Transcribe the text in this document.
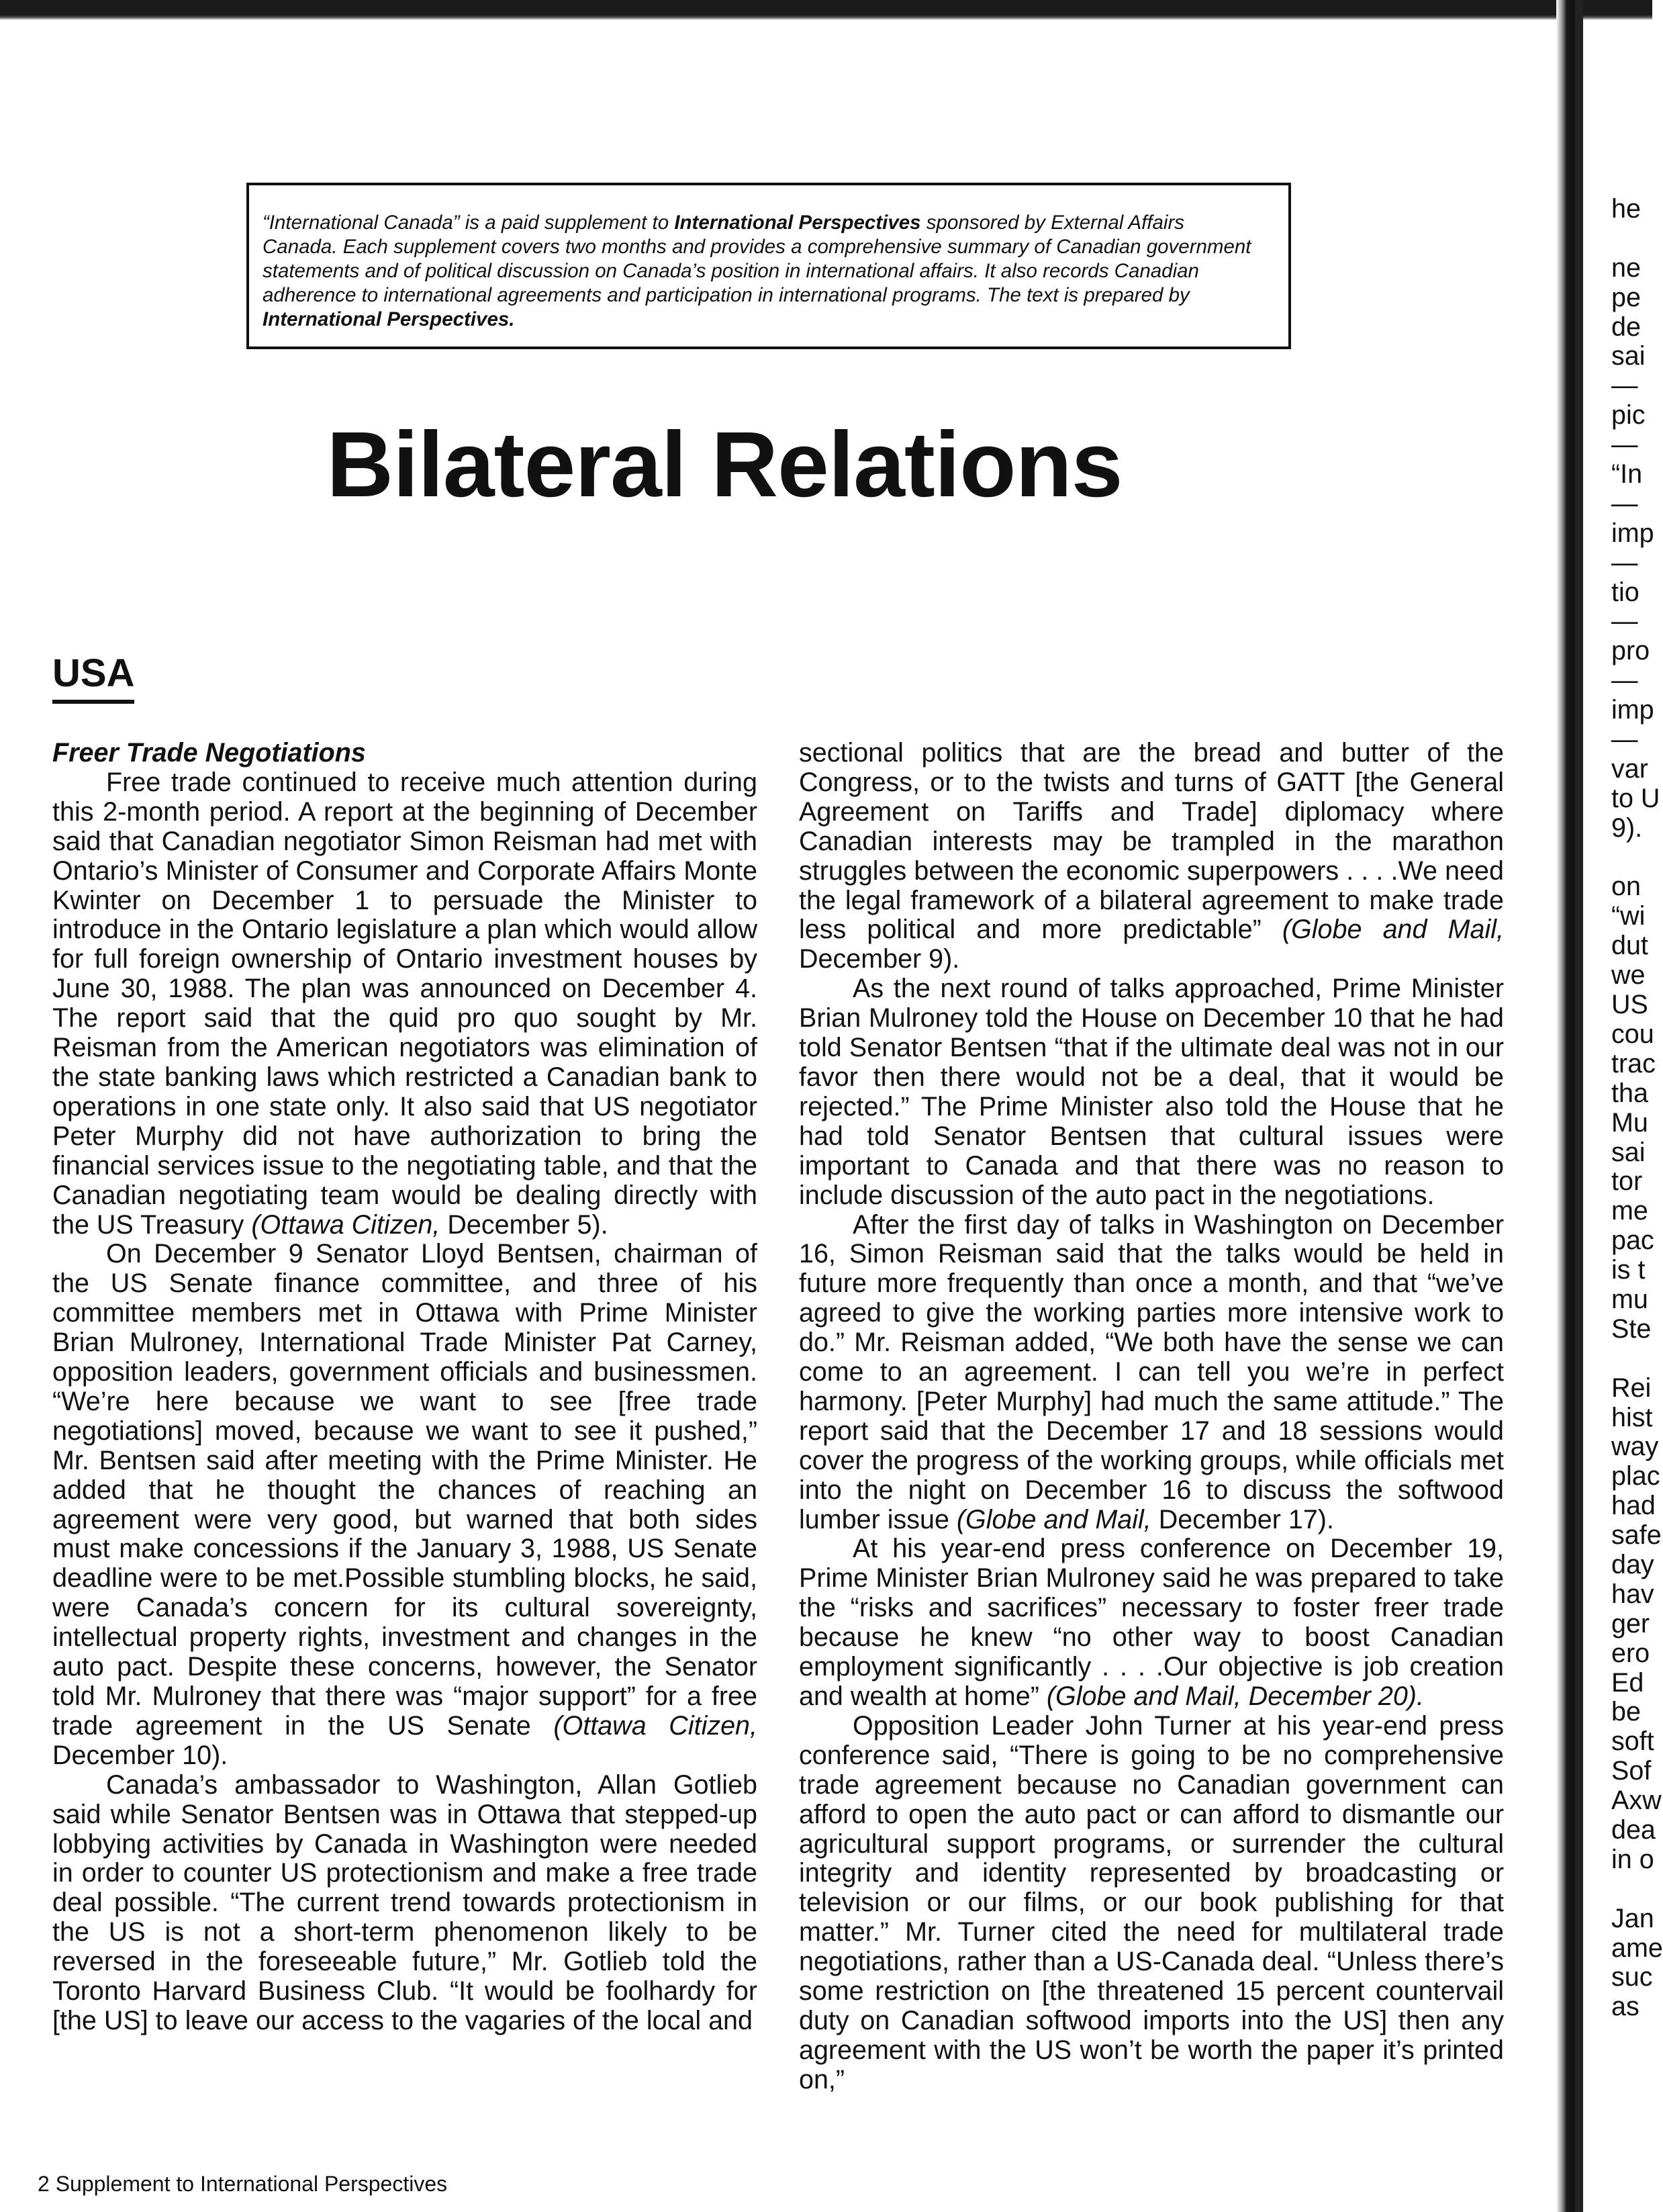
“International Canada” is a paid supplement to International Perspectives sponsored by External Affairs Canada. Each supplement covers two months and provides a comprehensive summary of Canadian government statements and of political discussion on Canada’s position in international affairs. It also records Canadian adherence to international agreements and participation in international programs. The text is prepared by International Perspectives.
Bilateral Relations
USA

Freer Trade Negotiations

Free trade continued to receive much attention during this 2-month period. A report at the beginning of December said that Canadian negotiator Simon Reisman had met with Ontario’s Minister of Consumer and Corporate Affairs Monte Kwinter on December 1 to persuade the Minister to introduce in the Ontario legislature a plan which would allow for full foreign ownership of Ontario investment houses by June 30, 1988. The plan was announced on December 4. The report said that the quid pro quo sought by Mr. Reisman from the American negotiators was elimination of the state banking laws which restricted a Canadian bank to operations in one state only. It also said that US negotiator Peter Murphy did not have authorization to bring the financial services issue to the negotiating table, and that the Canadian negotiating team would be dealing directly with the US Treasury (Ottawa Citizen, December 5).

On December 9 Senator Lloyd Bentsen, chairman of the US Senate finance committee, and three of his committee members met in Ottawa with Prime Minister Brian Mulroney, International Trade Minister Pat Carney, opposition leaders, government officials and businessmen. “We’re here because we want to see [free trade negotiations] moved, because we want to see it pushed,” Mr. Bentsen said after meeting with the Prime Minister. He added that he thought the chances of reaching an agreement were very good, but warned that both sides must make concessions if the January 3, 1988, US Senate deadline were to be met.Possible stumbling blocks, he said, were Canada’s concern for its cultural sovereignty, intellectual property rights, investment and changes in the auto pact. Despite these concerns, however, the Senator told Mr. Mulroney that there was “major support” for a free trade agreement in the US Senate (Ottawa Citizen, December 10).

Canada’s ambassador to Washington, Allan Gotlieb said while Senator Bentsen was in Ottawa that stepped-up lobbying activities by Canada in Washington were needed in order to counter US protectionism and make a free trade deal possible. “The current trend towards protectionism in the US is not a short-term phenomenon likely to be reversed in the foreseeable future,” Mr. Gotlieb told the Toronto Harvard Business Club. “It would be foolhardy for [the US] to leave our access to the vagaries of the local and

sectional politics that are the bread and butter of the Congress, or to the twists and turns of GATT [the General Agreement on Tariffs and Trade] diplomacy where Canadian interests may be trampled in the marathon struggles between the economic superpowers . . . .We need the legal framework of a bilateral agreement to make trade less political and more predictable” (Globe and Mail, December 9).

As the next round of talks approached, Prime Minister Brian Mulroney told the House on December 10 that he had told Senator Bentsen “that if the ultimate deal was not in our favor then there would not be a deal, that it would be rejected.” The Prime Minister also told the House that he had told Senator Bentsen that cultural issues were important to Canada and that there was no reason to include discussion of the auto pact in the negotiations.

After the first day of talks in Washington on December 16, Simon Reisman said that the talks would be held in future more frequently than once a month, and that “we’ve agreed to give the working parties more intensive work to do.” Mr. Reisman added, “We both have the sense we can come to an agreement. I can tell you we’re in perfect harmony. [Peter Murphy] had much the same attitude.” The report said that the December 17 and 18 sessions would cover the progress of the working groups, while officials met into the night on December 16 to discuss the softwood lumber issue (Globe and Mail, December 17).

At his year-end press conference on December 19, Prime Minister Brian Mulroney said he was prepared to take the “risks and sacrifices” necessary to foster freer trade because he knew “no other way to boost Canadian employment significantly . . . .Our objective is job creation and wealth at home” (Globe and Mail, December 20).

Opposition Leader John Turner at his year-end press conference said, “There is going to be no comprehensive trade agreement because no Canadian government can afford to open the auto pact or can afford to dismantle our agricultural support programs, or surrender the cultural integrity and identity represented by broadcasting or television or our films, or our book publishing for that matter.” Mr. Turner cited the need for multilateral trade negotiations, rather than a US-Canada deal. “Unless there’s some restriction on [the threatened 15 percent countervail duty on Canadian softwood imports into the US] then any agreement with the US won’t be worth the paper it’s printed on,”

2 Supplement to International Perspectives
he
ne
pe
de
sai
—
pic
—
“In
—
imp
—
tio
—
pro
—
imp
—
var
to U
9).
on
“wi
dut
we
US
cou
trac
tha
Mu
sai
tor
me
pac
is t
mu
Ste
Rei
hist
way
plac
had
safe
day
hav
ger
ero
Ed
be
soft
Sof
Axw
dea
in o
Jan
ame
suc
as
